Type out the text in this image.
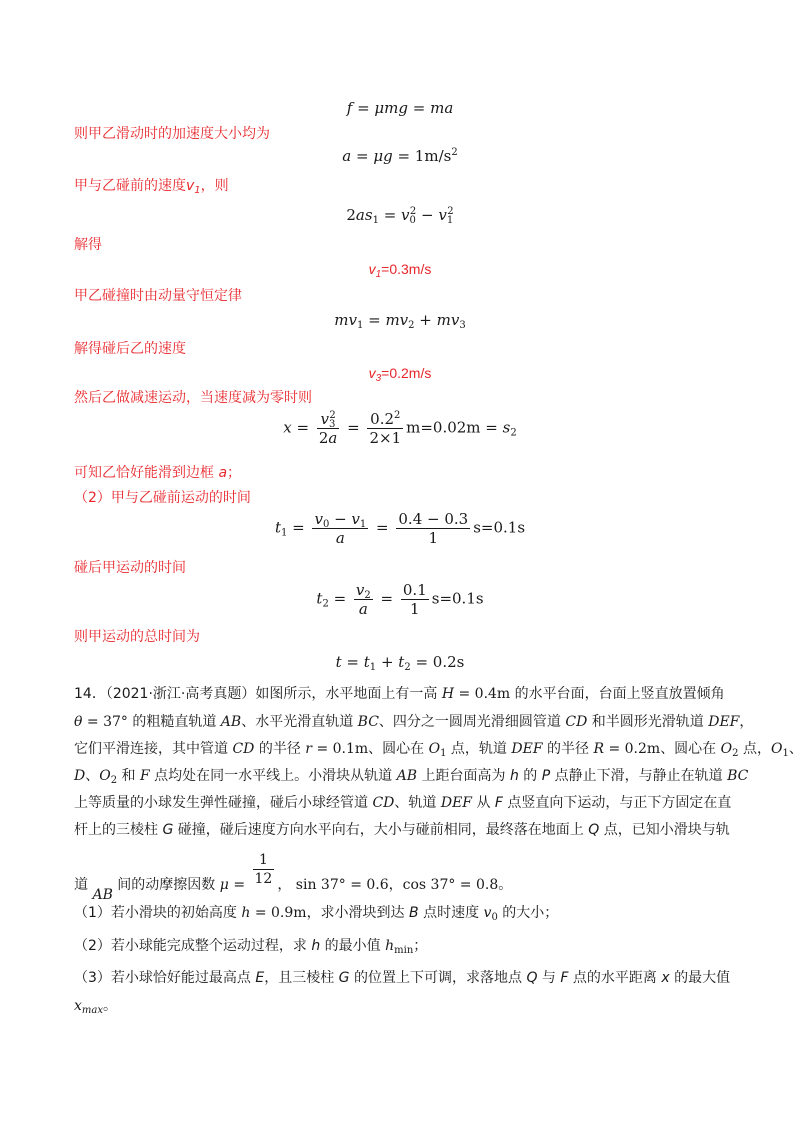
f = μmg = ma
则甲乙滑动时的加速度大小均为
$a = \mu g = 1m/s^2$
甲与乙碰前的速度$v_1$，则
$2as_1 = v_0^2 - v_1^2$
解得
$v_1=0.3m/s$
甲乙碰撞时由动量守恒定律
$mv_1 = mv_2 + mv_3$
解得碰后乙的速度
$v_3=0.2m/s$
然后乙做减速运动，当速度减为零时则
$x = \frac{v_3^2}{2a} = \frac{0.2^2}{2\times 1} m=0.02m = s_2$
可知乙恰好能滑到边框 a；
（2）甲与乙碰前运动的时间
$t_1 = \frac{v_0 - v_1}{a} = \frac{0.4 - 0.3}{1} s=0.1s$
碰后甲运动的时间
$t_2 = \frac{v_2}{a} = \frac{0.1}{1} s=0.1s$
则甲运动的总时间为
$t = t_1 + t_2 = 0.2s$
14．（2021·浙江·高考真题）如图所示，水平地面上有一高 H = 0.4m 的水平台面，台面上竖直放置倾角
θ = 37° 的粗糙直轨道 AB、水平光滑直轨道 BC、四分之一圆周光滑细圆管道 CD 和半圆形光滑轨道 DEF，
它们平滑连接，其中管道 CD 的半径 r = 0.1m、圆心在 $O_1$ 点，轨道 DEF 的半径 R = 0.2m、圆心在 $O_2$ 点，$O_1$、
D、$O_2$ 和 F 点均处在同一水平线上。小滑块从轨道 AB 上距台面高为 h 的 P 点静止下滑，与静止在轨道 BC
上等质量的小球发生弹性碰撞，碰后小球经管道 CD、轨道 DEF 从 F 点竖直向下运动，与正下方固定在直
杆上的三棱柱 G 碰撞，碰后速度方向水平向右，大小与碰前相同，最终落在地面上 Q 点，已知小滑块与轨
道 AB 间的动摩擦因数 $\mu = \frac{1}{12}$ ， sin 37° = 0.6，cos 37° = 0.8。
（1）若小滑块的初始高度 h = 0.9m，求小滑块到达 B 点时速度 $v_0$ 的大小；
（2）若小球能完成整个运动过程，求 h 的最小值 $h_{min}$；
（3）若小球恰好能过最高点 E，且三棱柱 G 的位置上下可调，求落地点 Q 与 F 点的水平距离 x 的最大值
$x_{max}$。
